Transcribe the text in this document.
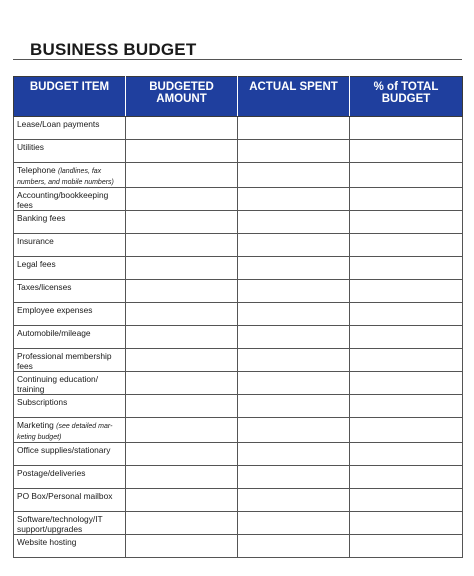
BUSINESS BUDGET
BUDGET ITEM	BUDGETED AMOUNT	ACTUAL SPENT	% of TOTAL BUDGET
Lease/Loan payments			
Utilities			
Telephone (landlines, fax numbers, and mobile numbers)			
Accounting/bookkeeping fees			
Banking fees			
Insurance			
Legal fees			
Taxes/licenses			
Employee expenses			
Automobile/mileage			
Professional membership fees			
Continuing education/ training			
Subscriptions			
Marketing (see detailed mar-keting budget)			
Office supplies/stationary			
Postage/deliveries			
PO Box/Personal mailbox			
Software/technology/IT support/upgrades			
Website hosting			
